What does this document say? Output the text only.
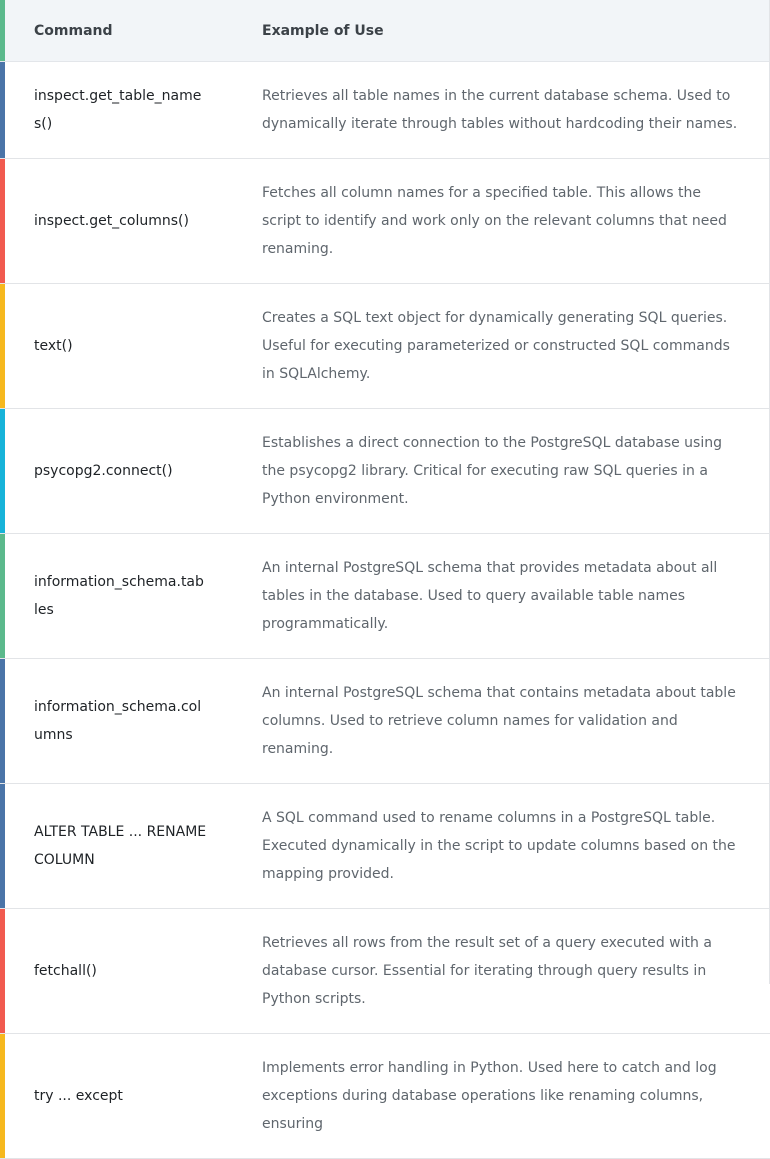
Command	Example of Use

inspect.get_table_names()	Retrieves all table names in the current database schema. Used to dynamically iterate through tables without hardcoding their names.

inspect.get_columns()	Fetches all column names for a specified table. This allows the script to identify and work only on the relevant columns that need renaming.

text()	Creates a SQL text object for dynamically generating SQL queries. Useful for executing parameterized or constructed SQL commands in SQLAlchemy.

psycopg2.connect()	Establishes a direct connection to the PostgreSQL database using the psycopg2 library. Critical for executing raw SQL queries in a Python environment.

information_schema.tables	An internal PostgreSQL schema that provides metadata about all tables in the database. Used to query available table names programmatically.

information_schema.columns	An internal PostgreSQL schema that contains metadata about table columns. Used to retrieve column names for validation and renaming.

ALTER TABLE ... RENAME COLUMN	A SQL command used to rename columns in a PostgreSQL table. Executed dynamically in the script to update columns based on the mapping provided.

fetchall()	Retrieves all rows from the result set of a query executed with a database cursor. Essential for iterating through query results in Python scripts.

try ... except	Implements error handling in Python. Used here to catch and log exceptions during database operations like renaming columns, ensuring
